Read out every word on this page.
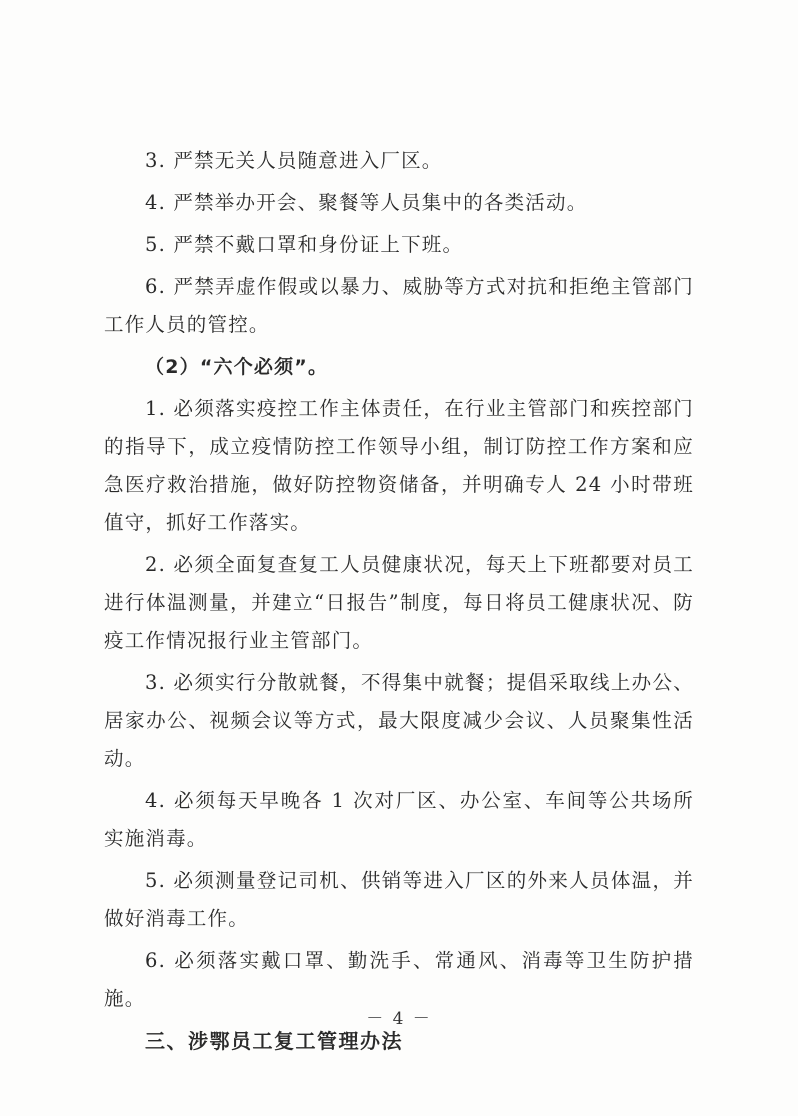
3. 严禁无关人员随意进入厂区。

4. 严禁举办开会、聚餐等人员集中的各类活动。

5. 严禁不戴口罩和身份证上下班。

6. 严禁弄虚作假或以暴力、威胁等方式对抗和拒绝主管部门工作人员的管控。

（2）“六个必须”。

1. 必须落实疫控工作主体责任，在行业主管部门和疾控部门的指导下，成立疫情防控工作领导小组，制订防控工作方案和应急医疗救治措施，做好防控物资储备，并明确专人 24 小时带班值守，抓好工作落实。

2. 必须全面复查复工人员健康状况，每天上下班都要对员工进行体温测量，并建立“日报告”制度，每日将员工健康状况、防疫工作情况报行业主管部门。

3. 必须实行分散就餐，不得集中就餐；提倡采取线上办公、居家办公、视频会议等方式，最大限度减少会议、人员聚集性活动。

4. 必须每天早晚各 1 次对厂区、办公室、车间等公共场所实施消毒。

5. 必须测量登记司机、供销等进入厂区的外来人员体温，并做好消毒工作。

6. 必须落实戴口罩、勤洗手、常通风、消毒等卫生防护措施。

三、涉鄂员工复工管理办法

－ 4 －
